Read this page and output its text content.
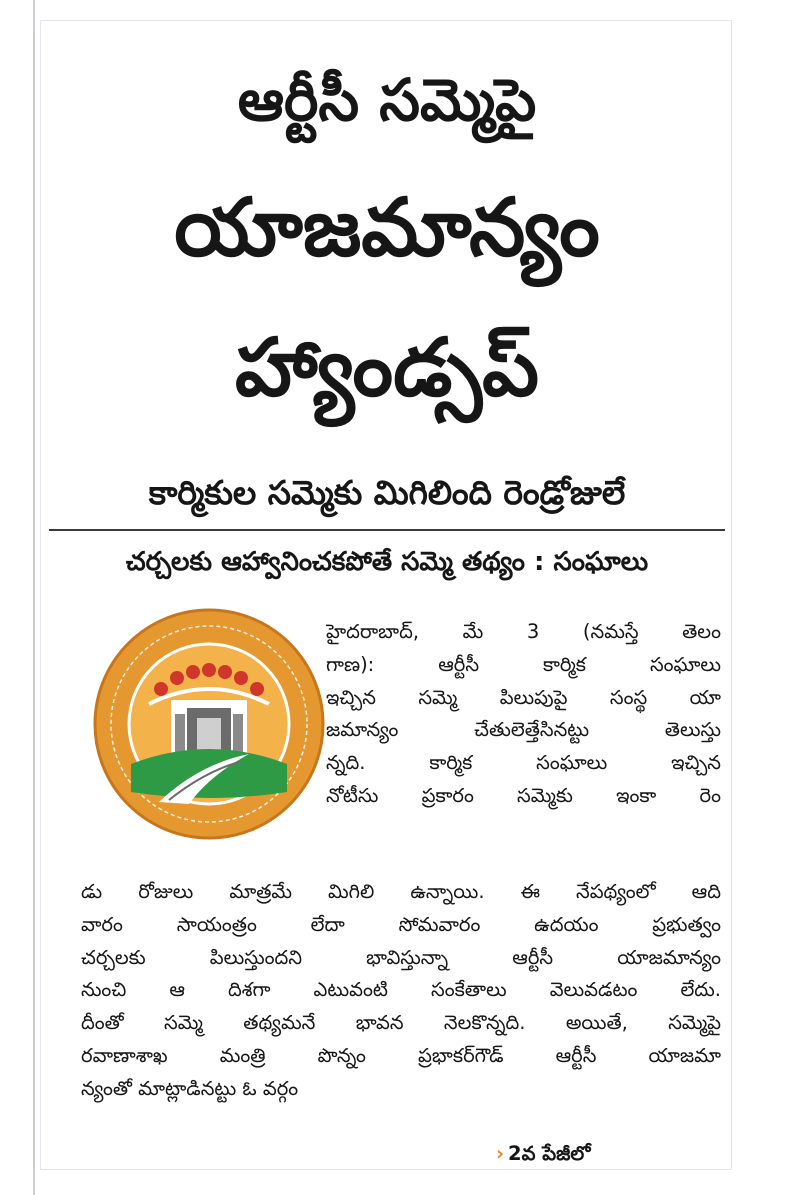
ఆర్టీసీ సమ్మెపై
యాజమాన్యం
హ్యాండ్సప్
కార్మికుల సమ్మెకు మిగిలింది రెండ్రోజులే
చర్చలకు ఆహ్వానించకపోతే సమ్మె తథ్యం : సంఘాలు

హైదరాబాద్, మే 3 (నమస్తే తెలం
గాణ): ఆర్టీసీ కార్మిక సంఘాలు
ఇచ్చిన సమ్మె పిలుపుపై సంస్థ యా
జమాన్యం చేతులెత్తేసినట్టు తెలుస్తు
న్నది. కార్మిక సంఘాలు ఇచ్చిన
నోటీసు ప్రకారం సమ్మెకు ఇంకా రెం

డు రోజులు మాత్రమే మిగిలి ఉన్నాయి. ఈ నేపథ్యంలో ఆది
వారం సాయంత్రం లేదా సోమవారం ఉదయం ప్రభుత్వం
చర్చలకు పిలుస్తుందని భావిస్తున్నా ఆర్టీసీ యాజమాన్యం
నుంచి ఆ దిశగా ఎటువంటి సంకేతాలు వెలువడటం లేదు.
దీంతో సమ్మె తథ్యమనే భావన నెలకొన్నది. అయితే, సమ్మెపై
రవాణాశాఖ మంత్రి పొన్నం ప్రభాకర్‌గౌడ్ ఆర్టీసీ యాజమా
న్యంతో మాట్లాడినట్టు ఓ వర్గం

› 2వ పేజీలో
